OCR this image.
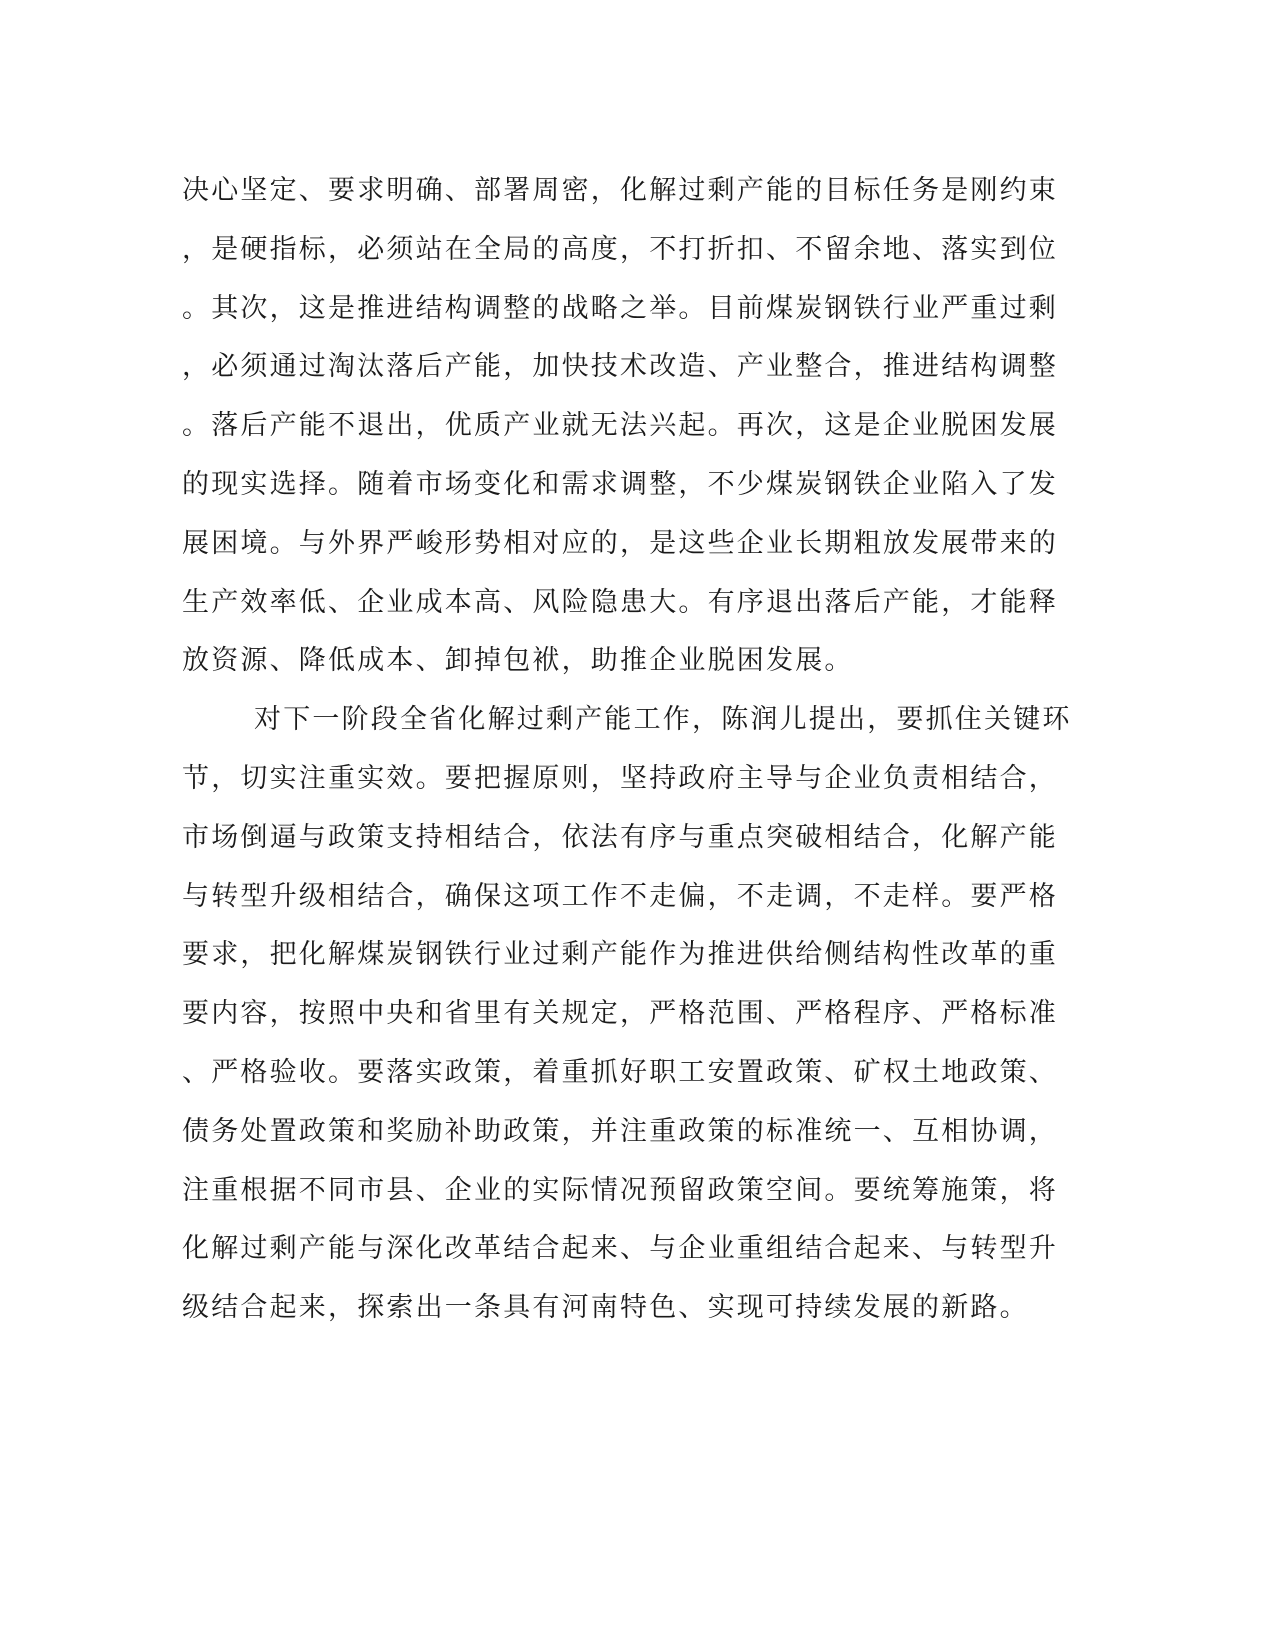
决心坚定、要求明确、部署周密，化解过剩产能的目标任务是刚约束
，是硬指标，必须站在全局的高度，不打折扣、不留余地、落实到位
。其次，这是推进结构调整的战略之举。目前煤炭钢铁行业严重过剩
，必须通过淘汰落后产能，加快技术改造、产业整合，推进结构调整
。落后产能不退出，优质产业就无法兴起。再次，这是企业脱困发展
的现实选择。随着市场变化和需求调整，不少煤炭钢铁企业陷入了发
展困境。与外界严峻形势相对应的，是这些企业长期粗放发展带来的
生产效率低、企业成本高、风险隐患大。有序退出落后产能，才能释
放资源、降低成本、卸掉包袱，助推企业脱困发展。
对下一阶段全省化解过剩产能工作，陈润儿提出，要抓住关键环
节，切实注重实效。要把握原则，坚持政府主导与企业负责相结合，
市场倒逼与政策支持相结合，依法有序与重点突破相结合，化解产能
与转型升级相结合，确保这项工作不走偏，不走调，不走样。要严格
要求，把化解煤炭钢铁行业过剩产能作为推进供给侧结构性改革的重
要内容，按照中央和省里有关规定，严格范围、严格程序、严格标准
、严格验收。要落实政策，着重抓好职工安置政策、矿权土地政策、
债务处置政策和奖励补助政策，并注重政策的标准统一、互相协调，
注重根据不同市县、企业的实际情况预留政策空间。要统筹施策，将
化解过剩产能与深化改革结合起来、与企业重组结合起来、与转型升
级结合起来，探索出一条具有河南特色、实现可持续发展的新路。
